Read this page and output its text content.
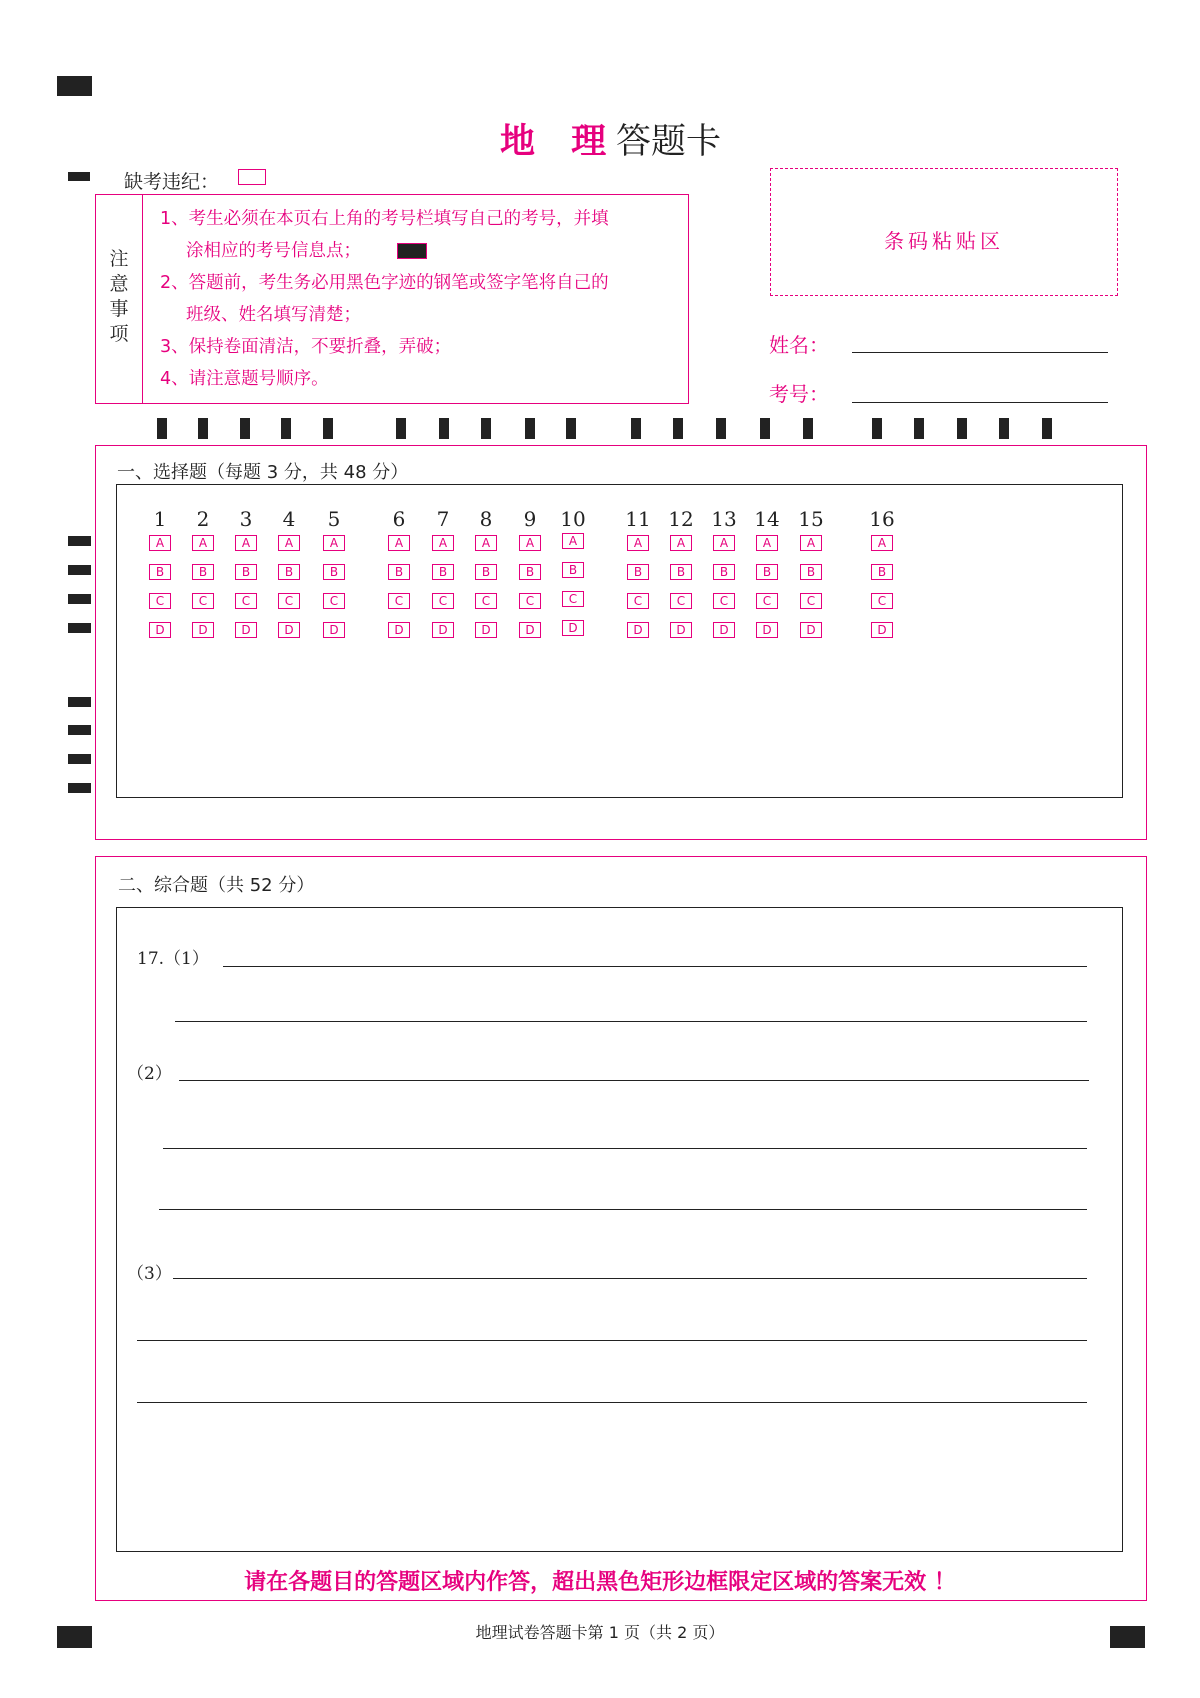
地 理
答题卡
缺考违纪：
注意事项
1、考生必须在本页右上角的考号栏填写自己的考号，并填
涂相应的考号信息点；
2、答题前，考生务必用黑色字迹的钢笔或签字笔将自己的
班级、姓名填写清楚；
3、保持卷面清洁，不要折叠，弄破；
4、请注意题号顺序。
条码粘贴区
姓名：
考号：
一、选择题（每题 3 分，共 48 分）
1
A
B
C
D
2
A
B
C
D
3
A
B
C
D
4
A
B
C
D
5
A
B
C
D
6
A
B
C
D
7
A
B
C
D
8
A
B
C
D
9
A
B
C
D
10
A
B
C
D
11
A
B
C
D
12
A
B
C
D
13
A
B
C
D
14
A
B
C
D
15
A
B
C
D
16
A
B
C
D
二、综合题（共 52 分）
17.（1）
（2）
（3）
请在各题目的答题区域内作答，超出黑色矩形边框限定区域的答案无效 ！
地理试卷答题卡第 1 页（共 2 页）
